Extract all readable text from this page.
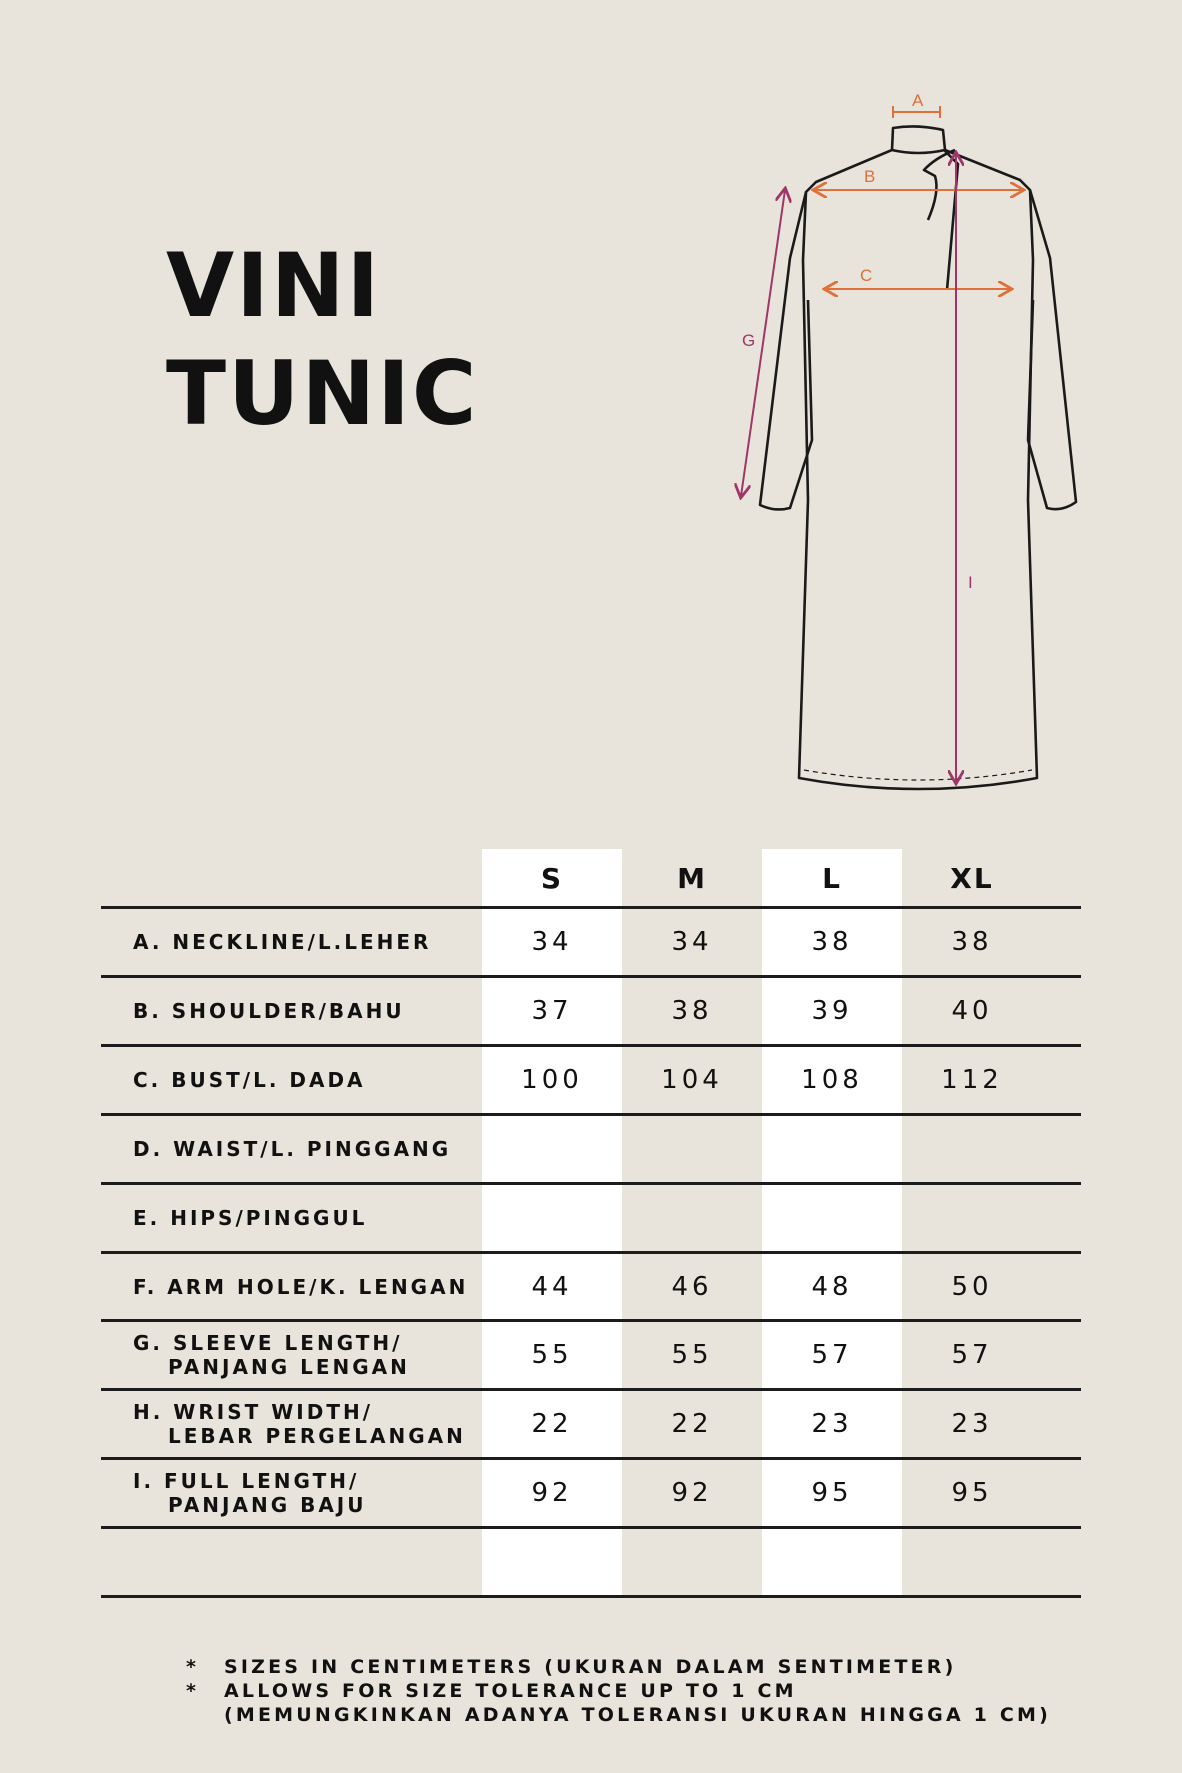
VINI
TUNIC
A
B
C
G
I
S	M	L	XL
A. NECKLINE/L.LEHER	34	34	38	38
B. SHOULDER/BAHU	37	38	39	40
C. BUST/L. DADA	100	104	108	112
D. WAIST/L. PINGGANG
E. HIPS/PINGGUL
F. ARM HOLE/K. LENGAN	44	46	48	50
G. SLEEVE LENGTH/
PANJANG LENGAN	55	55	57	57
H. WRIST WIDTH/
LEBAR PERGELANGAN	22	22	23	23
I. FULL LENGTH/
PANJANG BAJU	92	92	95	95
*	SIZES IN CENTIMETERS (UKURAN DALAM SENTIMETER)
*	ALLOWS FOR SIZE TOLERANCE UP TO 1 CM
(MEMUNGKINKAN ADANYA TOLERANSI UKURAN HINGGA 1 CM)
